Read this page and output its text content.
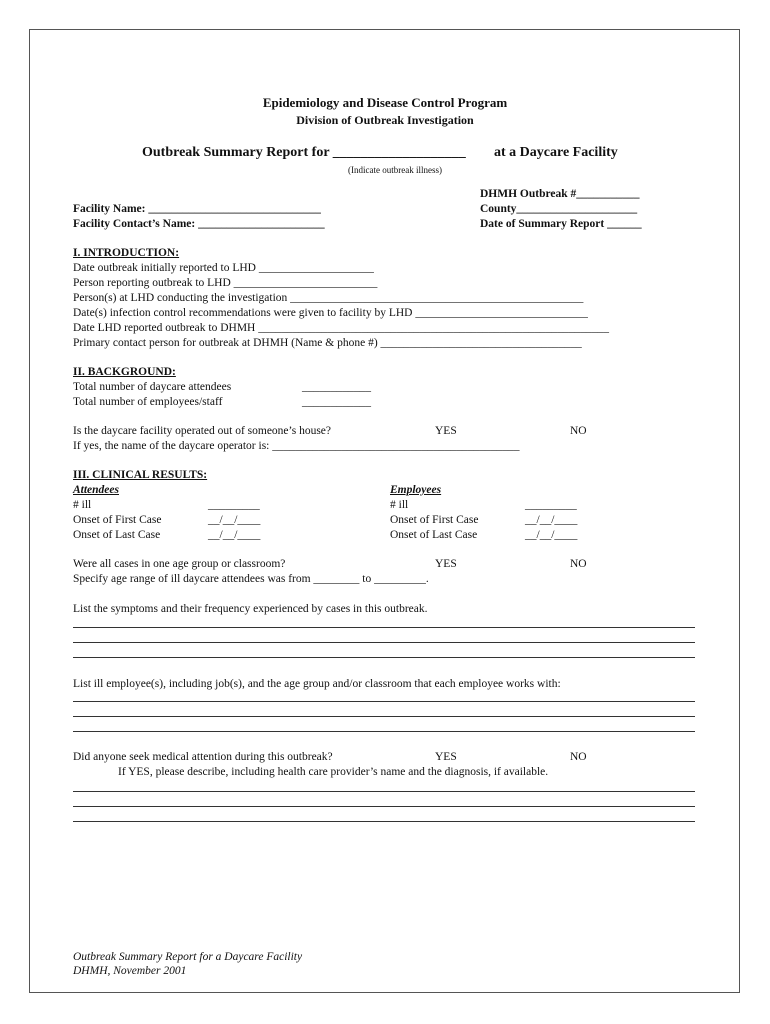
Epidemiology and Disease Control Program
Division of Outbreak Investigation
Outbreak Summary Report for ___________________ at a Daycare Facility
(Indicate outbreak illness)
DHMH Outbreak #___________
County_____________________
Date of Summary Report ______
Facility Name: ______________________________
Facility Contact’s Name: ______________________
I. INTRODUCTION:
Date outbreak initially reported to LHD ____________________
Person reporting outbreak to LHD _________________________
Person(s) at LHD conducting the investigation ___________________________________________________
Date(s) infection control recommendations were given to facility by LHD ______________________________
Date LHD reported outbreak to DHMH _____________________________________________________________
Primary contact person for outbreak at DHMH (Name & phone #) ___________________________________
II. BACKGROUND:
Total number of daycare attendees	____________
Total number of employees/staff	____________
Is the daycare facility operated out of someone’s house?	YES	NO
If yes, the name of the daycare operator is: ___________________________________________
III. CLINICAL RESULTS:
Attendees	Employees
# ill	_________
Onset of First Case	__/__/____
Onset of Last Case	__/__/____
# ill	_________
Onset of First Case	__/__/____
Onset of Last Case	__/__/____
Were all cases in one age group or classroom?	YES	NO
Specify age range of ill daycare attendees was from ________ to _________.
List the symptoms and their frequency experienced by cases in this outbreak.
List ill employee(s), including job(s), and the age group and/or classroom that each employee works with:
Did anyone seek medical attention during this outbreak?	YES	NO
If YES, please describe, including health care provider’s name and the diagnosis, if available.
Outbreak Summary Report for a Daycare Facility
DHMH, November 2001
